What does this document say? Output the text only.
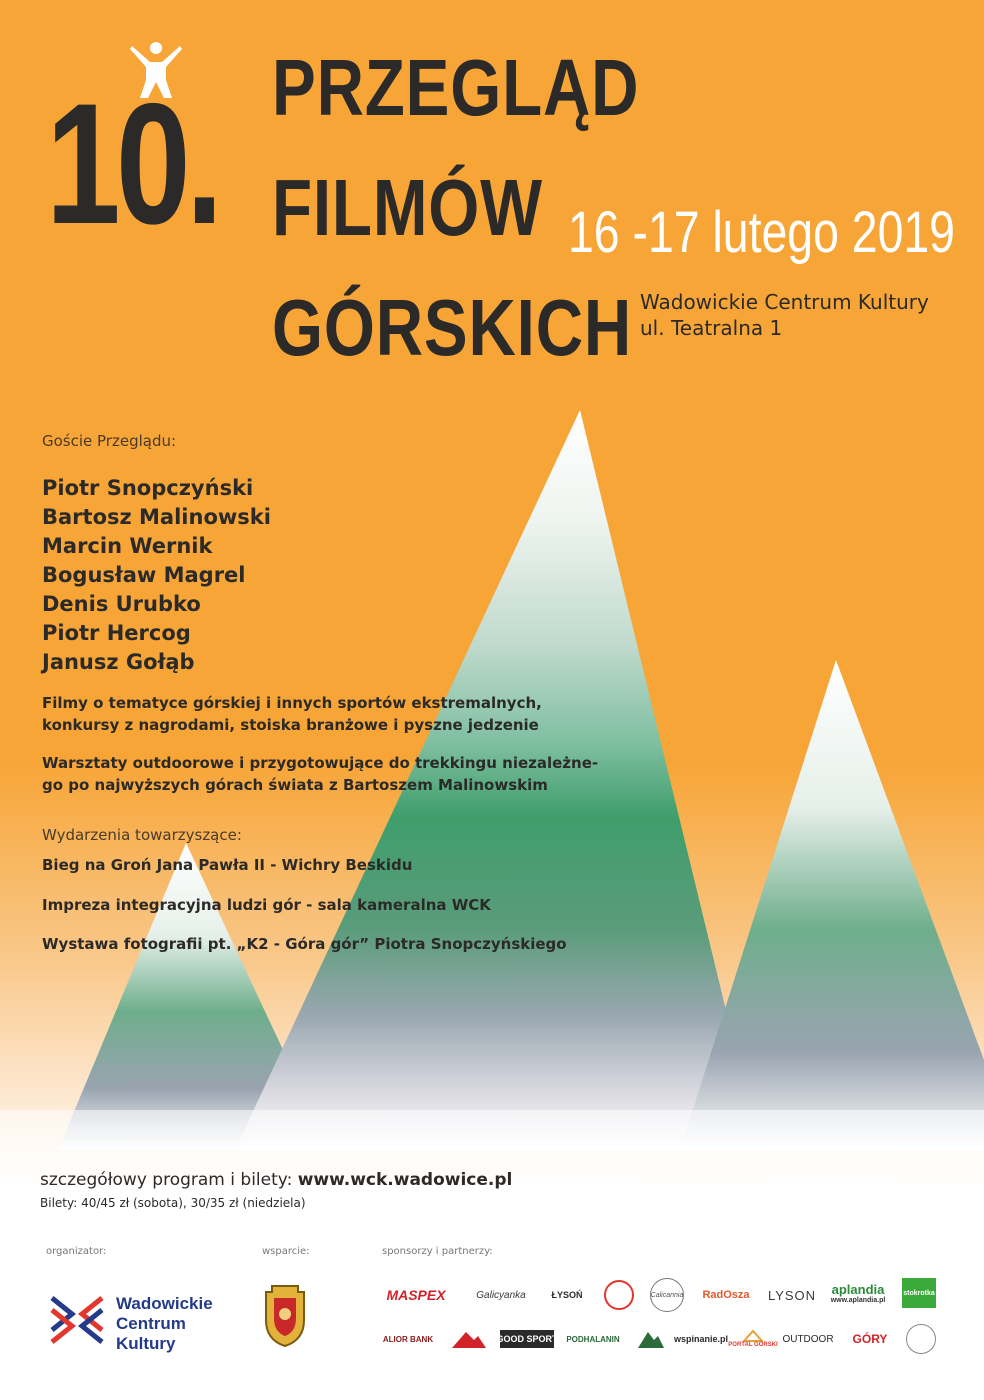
10. PRZEGLĄD
FILMÓW
GÓRSKICH
16 -17 lutego 2019
Wadowickie Centrum Kultury
ul. Teatralna 1
Goście Przeglądu:
Piotr Snopczyński
Bartosz Malinowski
Marcin Wernik
Bogusław Magrel
Denis Urubko
Piotr Hercog
Janusz Gołąb
Filmy o tematyce górskiej i innych sportów ekstremalnych,
konkursy z nagrodami, stoiska branżowe i pyszne jedzenie
Warsztaty outdoorowe i przygotowujące do trekkingu niezależne-
go po najwyższych górach świata z Bartoszem Malinowskim
Wydarzenia towarzyszące:
Bieg na Groń Jana Pawła II - Wichry Beskidu
Impreza integracyjna ludzi gór - sala kameralna WCK
Wystawa fotografii pt. „K2 - Góra gór” Piotra Snopczyńskiego
szczegółowy program i bilety: www.wck.wadowice.pl
Bilety: 40/45 zł (sobota), 30/35 zł (niedziela)
organizator:	wsparcie:	sponsorzy i partnerzy:
Wadowickie
Centrum
Kultury
MASPEX	Galicyanka	ŁYSOŃ	Calicannia	RadOsza	LYSON	aplandia
www.aplandia.pl
stokrotka
ALIOR BANK	GOOD SPORT PODHALANIN	wspinanie.pl
PORTAL GÓRSKI
OUTDOOR	GÓRY
